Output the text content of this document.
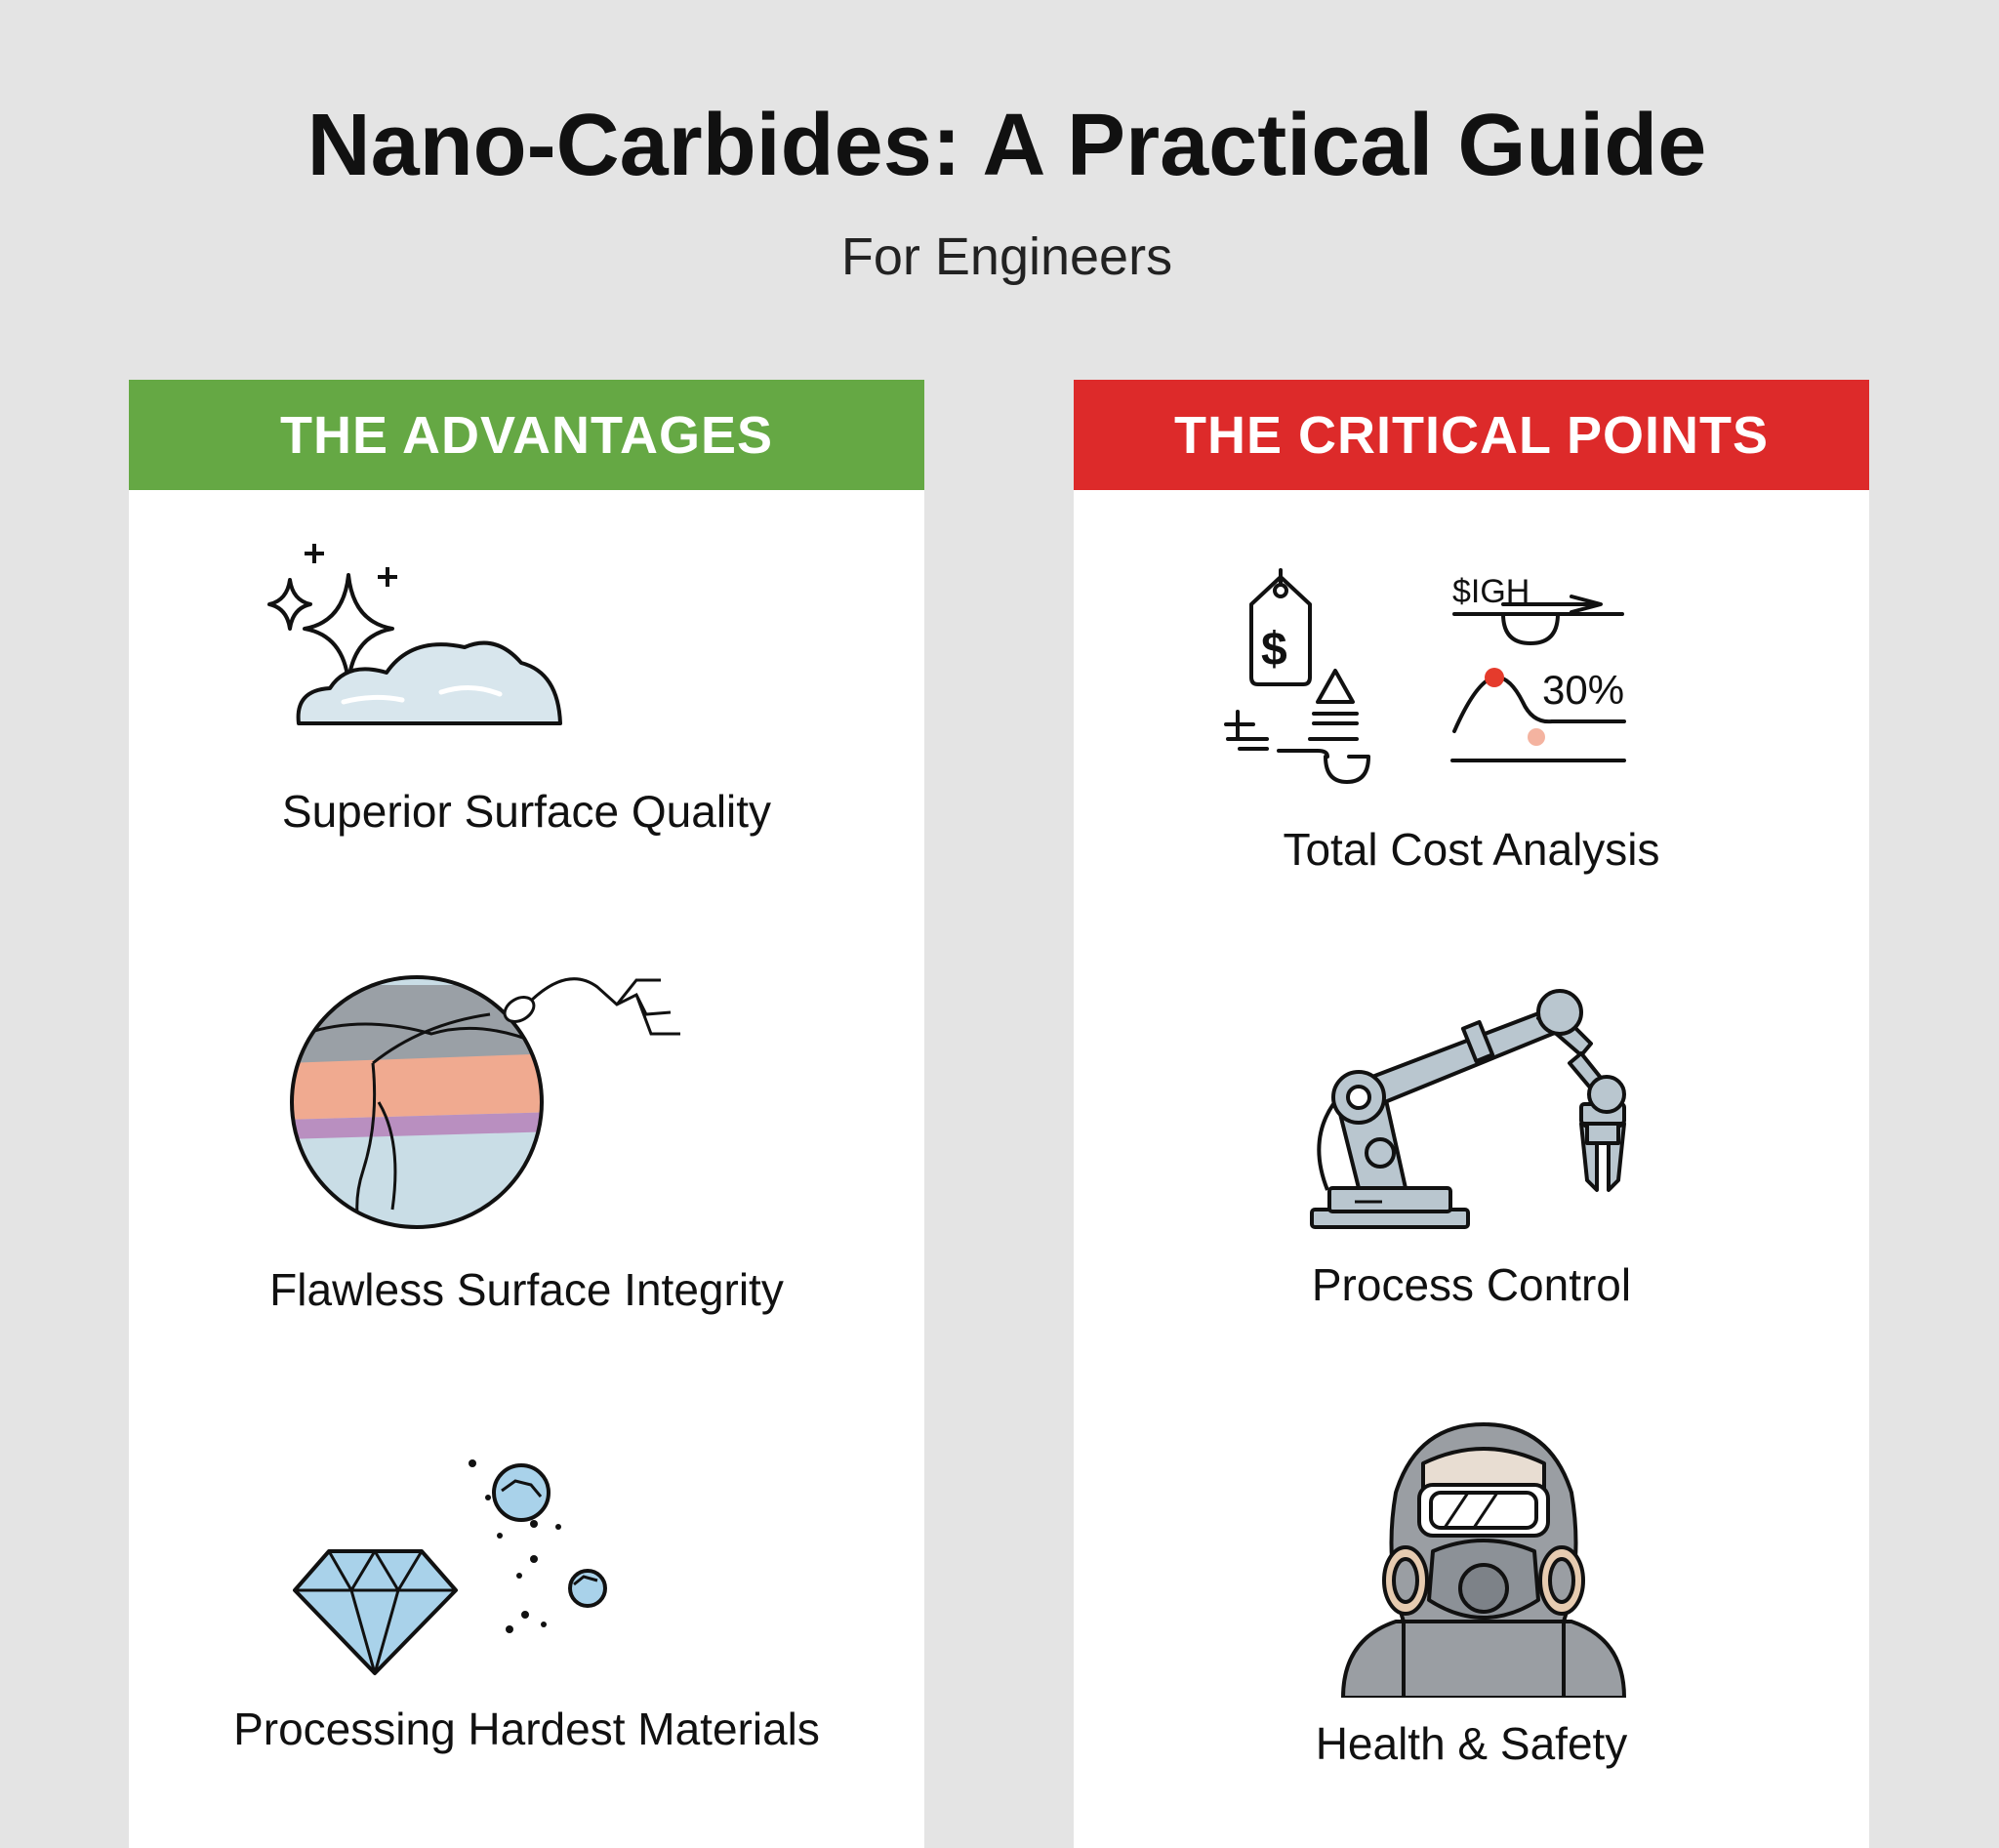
Nano-Carbides: A Practical Guide

For Engineers

THE ADVANTAGES
Superior Surface Quality
Flawless Surface Integrity
Processing Hardest Materials
THE CRITICAL POINTS
$IGH
30%
$
Total Cost Analysis
Process Control
Health & Safety
